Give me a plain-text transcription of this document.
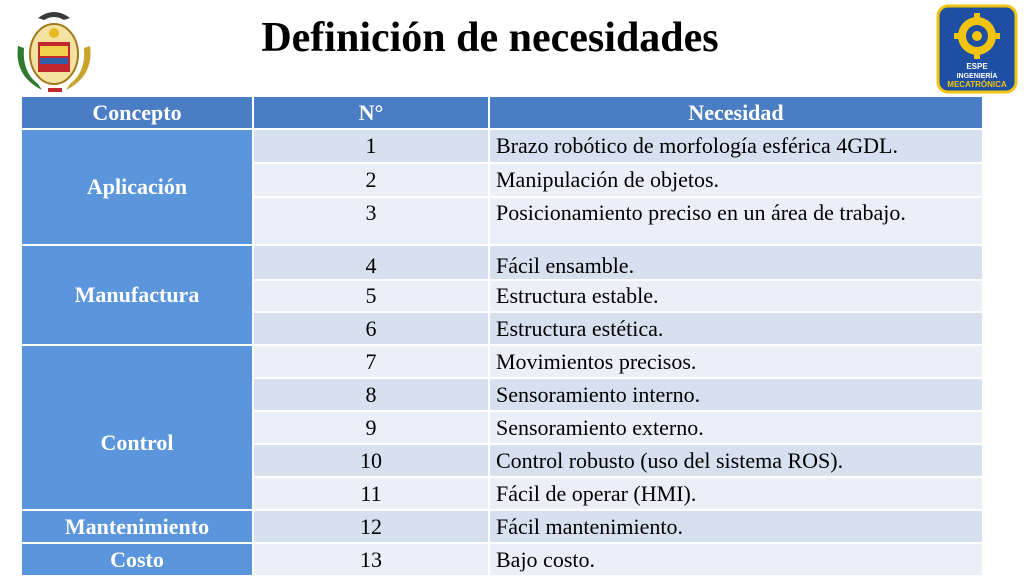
Definición de necesidades
ESPE
INGENIERÍA
MECATRÓNICA
Concepto	N°	Necesidad
Aplicación	1	Brazo robótico de morfología esférica 4GDL.
	2	Manipulación de objetos.
	3	Posicionamiento preciso en un área de trabajo.
Manufactura	4	Fácil ensamble.
	5	Estructura estable.
	6	Estructura estética.
Control	7	Movimientos precisos.
	8	Sensoramiento interno.
	9	Sensoramiento externo.
	10	Control robusto (uso del sistema ROS).
	11	Fácil de operar (HMI).
Mantenimiento	12	Fácil mantenimiento.
Costo	13	Bajo costo.
